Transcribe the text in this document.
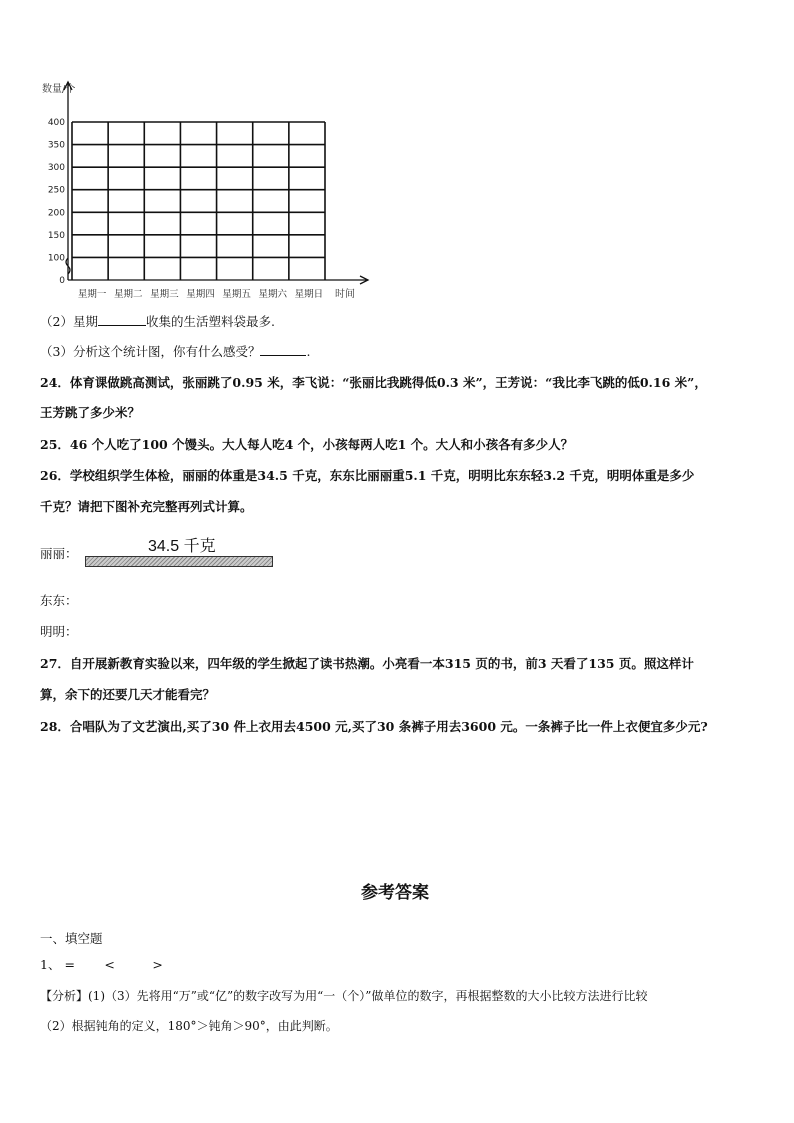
数量/个
0
100
150
200
250
300
350
400
星期一 星期二 星期三 星期四 星期五 星期六 星期日 时间
（2）星期	收集的生活塑料袋最多.
（3）分析这个统计图，你有什么感受？	.
24．体育课做跳高测试，张丽跳了0.95 米，李飞说：“张丽比我跳得低0.3 米”，王芳说：“我比李飞跳的低0.16 米”，
王芳跳了多少米？
25．46 个人吃了100 个馒头。大人每人吃4 个，小孩每两人吃1 个。大人和小孩各有多少人？
26．学校组织学生体检，丽丽的体重是34.5 千克，东东比丽丽重5.1 千克，明明比东东轻3.2 千克，明明体重是多少
千克？请把下图补充完整再列式计算。
丽丽：	34.5 千克
东东：
明明：
27．自开展新教育实验以来，四年级的学生掀起了读书热潮。小亮看一本315 页的书，前3 天看了135 页。照这样计
算，余下的还要几天才能看完？
28．合唱队为了文艺演出,买了30 件上衣用去4500 元,买了30 条裤子用去3600 元。一条裤子比一件上衣便宜多少元?
参考答案
一、填空题
1、 = <	>
【分析】(1)（3）先将用“万”或“亿”的数字改写为用“一（个）”做单位的数字，再根据整数的大小比较方法进行比较
（2）根据钝角的定义，180°＞钝角＞90°，由此判断。
